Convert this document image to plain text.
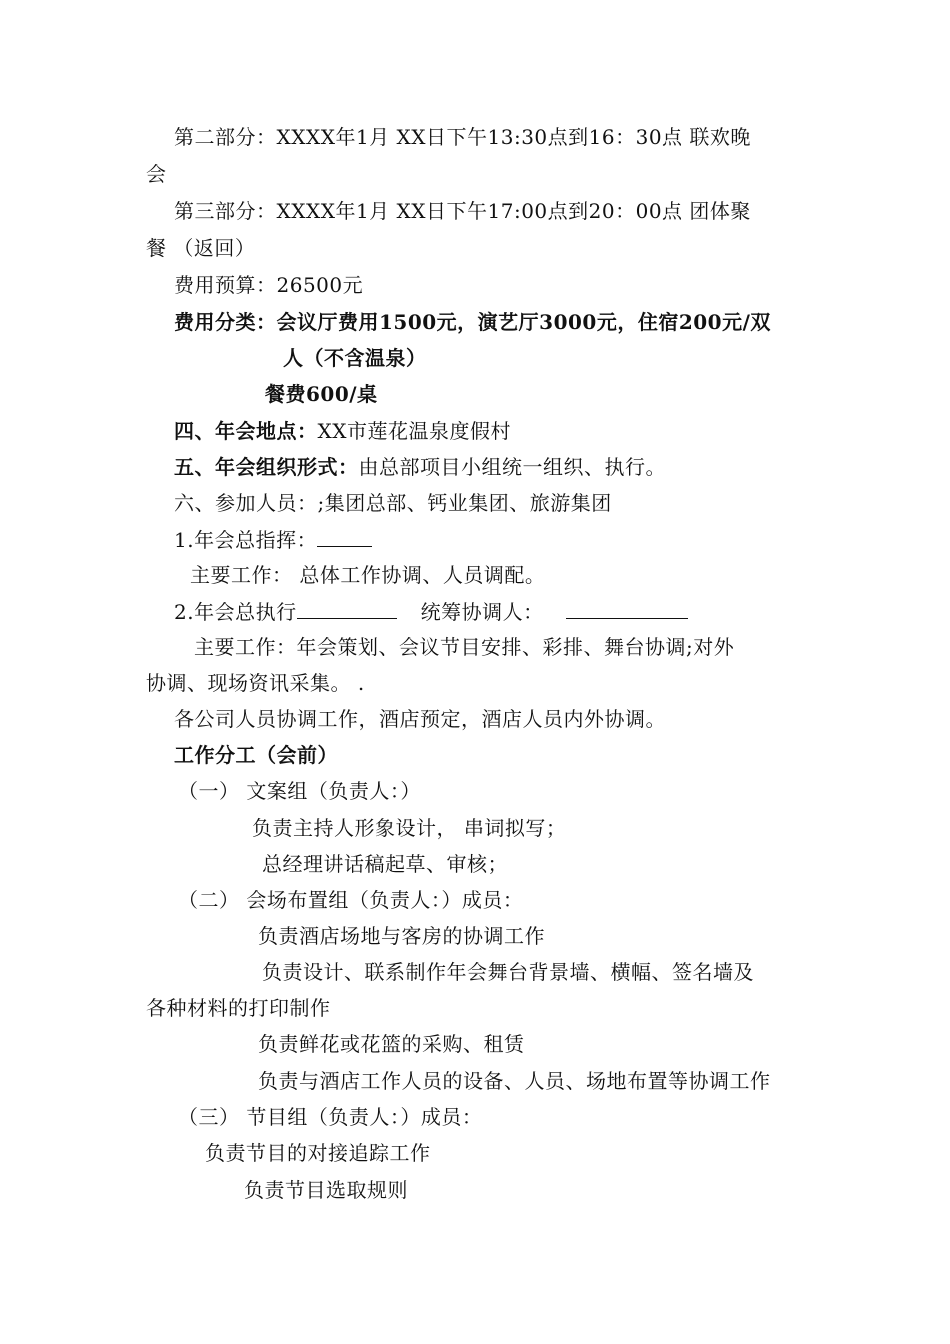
第二部分：XXXX年1月 XX日下午13:30点到16：30点 联欢晚
会
第三部分：XXXX年1月 XX日下午17:00点到20：00点 团体聚
餐 （返回）
费用预算：26500元
费用分类：会议厅费用1500元，演艺厅3000元，住宿200元/双
人（不含温泉）
餐费600/桌
四、年会地点：XX市莲花温泉度假村
五、年会组织形式：由总部项目小组统一组织、执行。
六、参加人员：;集团总部、钙业集团、旅游集团
1.年会总指挥：
主要工作： 总体工作协调、人员调配。
2.年会总执行	统筹协调人：
主要工作：年会策划、会议节目安排、彩排、舞台协调;对外
协调、现场资讯采集。 .
各公司人员协调工作，酒店预定，酒店人员内外协调。
工作分工（会前）
（一） 文案组（负责人：）
负责主持人形象设计， 串词拟写；
总经理讲话稿起草、审核；
（二） 会场布置组（负责人：）成员：
负责酒店场地与客房的协调工作
负责设计、联系制作年会舞台背景墙、横幅、签名墙及
各种材料的打印制作
负责鲜花或花篮的采购、租赁
负责与酒店工作人员的设备、人员、场地布置等协调工作
（三） 节目组（负责人：）成员：
负责节目的对接追踪工作
负责节目选取规则
